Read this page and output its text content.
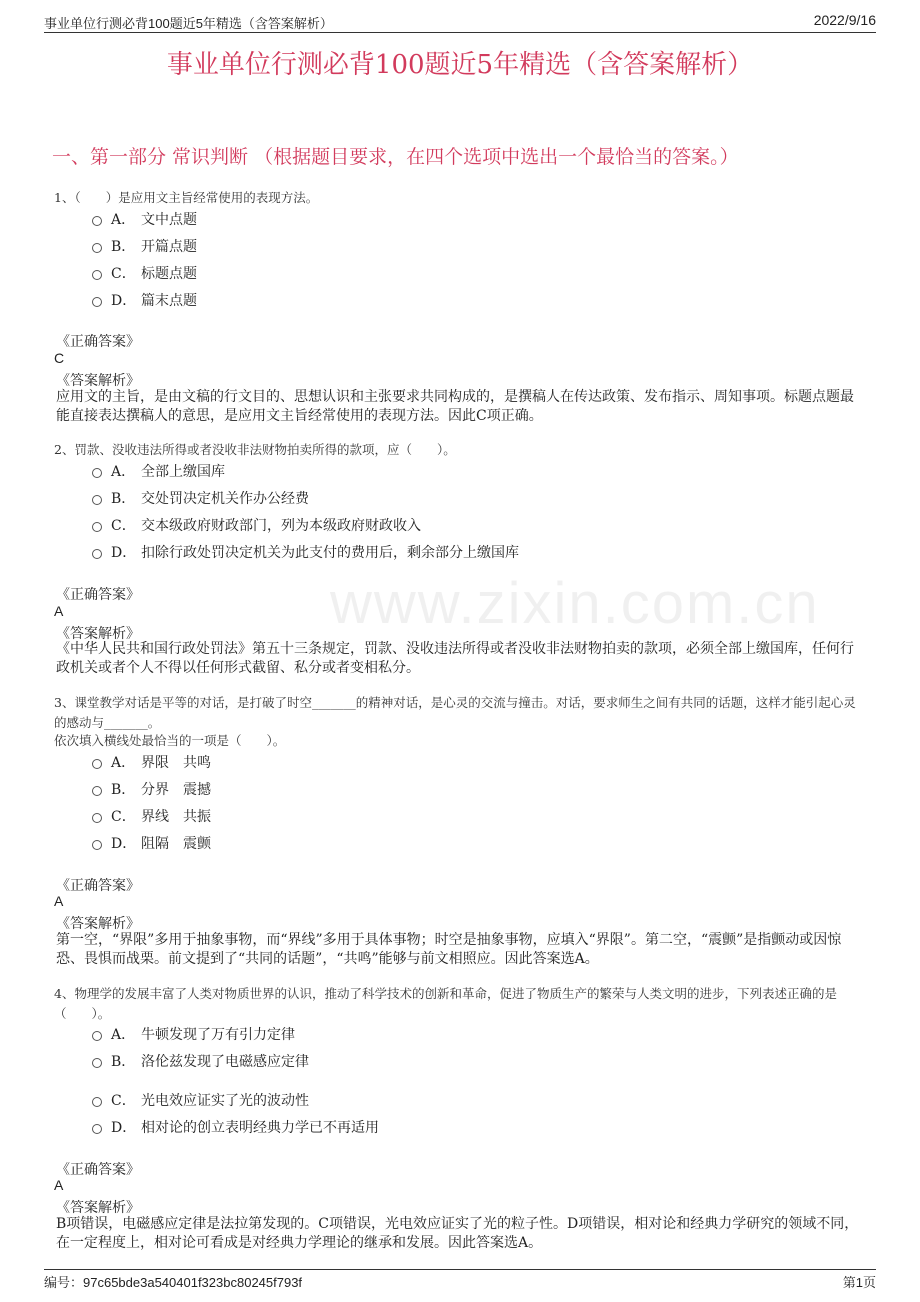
事业单位行测必背100题近5年精选（含答案解析）	2022/9/16
www.zixin.com.cn
事业单位行测必背100题近5年精选（含答案解析）
一、第一部分 常识判断 （根据题目要求，在四个选项中选出一个最恰当的答案。）
1、（　　）是应用文主旨经常使用的表现方法。
A． 文中点题
B． 开篇点题
C． 标题点题
D． 篇末点题
《正确答案》
C
《答案解析》
应用文的主旨，是由文稿的行文目的、思想认识和主张要求共同构成的，是撰稿人在传达政策、发布指示、周知事项。标题点题最能直接表达撰稿人的意思，是应用文主旨经常使用的表现方法。因此C项正确。
2、罚款、没收违法所得或者没收非法财物拍卖所得的款项，应（　　）。
A． 全部上缴国库
B． 交处罚决定机关作办公经费
C． 交本级政府财政部门，列为本级政府财政收入
D． 扣除行政处罚决定机关为此支付的费用后，剩余部分上缴国库
《正确答案》
A
《答案解析》
《中华人民共和国行政处罚法》第五十三条规定，罚款、没收违法所得或者没收非法财物拍卖的款项，必须全部上缴国库，任何行政机关或者个人不得以任何形式截留、私分或者变相私分。
3、课堂教学对话是平等的对话，是打破了时空_______的精神对话，是心灵的交流与撞击。对话，要求师生之间有共同的话题，这样才能引起心灵的感动与_______。
依次填入横线处最恰当的一项是（　　）。
A． 界限　共鸣
B． 分界　震撼
C． 界线　共振
D． 阻隔　震颤
《正确答案》
A
《答案解析》
第一空，“界限”多用于抽象事物，而“界线”多用于具体事物；时空是抽象事物，应填入“界限”。第二空，“震颤”是指颤动或因惊恐、畏惧而战栗。前文提到了“共同的话题”，“共鸣”能够与前文相照应。因此答案选A。
4、物理学的发展丰富了人类对物质世界的认识，推动了科学技术的创新和革命，促进了物质生产的繁荣与人类文明的进步，下列表述正确的是（　　）。
A． 牛顿发现了万有引力定律
B． 洛伦兹发现了电磁感应定律
C． 光电效应证实了光的波动性
D． 相对论的创立表明经典力学已不再适用
《正确答案》
A
《答案解析》
B项错误，电磁感应定律是法拉第发现的。C项错误，光电效应证实了光的粒子性。D项错误，相对论和经典力学研究的领域不同，在一定程度上，相对论可看成是对经典力学理论的继承和发展。因此答案选A。
编号：97c65bde3a540401f323bc80245f793f	第1页
